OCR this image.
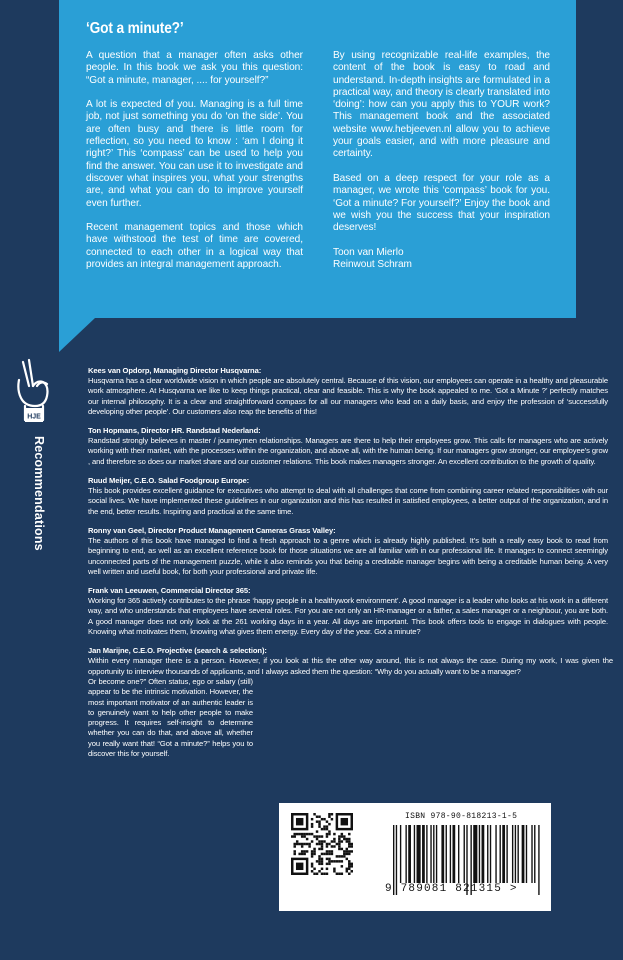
‘Got a minute?’

A question that a manager often asks other people. In this book we ask you this question: “Got a minute, manager, .... for yourself?”

A lot is expected of you. Managing is a full time job, not just something you do ‘on the side’. You are often busy and there is little room for reflection, so you need to know : ‘am I doing it right?’ This ‘compass’ can be used to help you find the answer. You can use it to investigate and discover what inspires you, what your strengths are, and what you can do to improve yourself even further.

Recent management topics and those which have withstood the test of time are covered, connected to each other in a logical way that provides an integral management approach.

By using recognizable real-life examples, the content of the book is easy to road and understand. In-depth insights are formulated in a practical way, and theory is clearly translated into ‘doing’: how can you apply this to YOUR work? This management book and the associated website www.hebjeeven.nl allow you to achieve your goals easier, and with more pleasure and certainty.

Based on a deep respect for your role as a manager, we wrote this ‘compass’ book for you. ‘Got a minute? For yourself?’ Enjoy the book and we wish you the success that your inspiration deserves!

Toon van Mierlo
Reinwout Schram

HJE
Recommendations
Kees van Opdorp, Managing Director Husqvarna:
Husqvarna has a clear worldwide vision in which people are absolutely central. Because of this vision, our employees can operate in a healthy and pleasurable work atmosphere. At Husqvarna we like to keep things practical, clear and feasible. This is why the book appealed to me. ‘Got a Minute ?’ perfectly matches our internal philosophy. It is a clear and straightforward compass for all our managers who lead on a daily basis, and enjoy the profession of ‘successfully developing other people’. Our customers also reap the benefits of this!
Ton Hopmans, Director HR. Randstad Nederland:
Randstad strongly believes in master / journeymen relationships. Managers are there to help their employees grow. This calls for managers who are actively working with their market, with the processes within the organization, and above all, with the human being. If our managers grow stronger, our employee’s grow , and therefore so does our market share and our customer relations. This book makes managers stronger. An excellent contribution to the growth of quality.
Ruud Meijer, C.E.O. Salad Foodgroup Europe:
This book provides excellent guidance for executives who attempt to deal with all challenges that come from combining career related responsibilities with our social lives. We have implemented these guidelines in our organization and this has resulted in satisfied employees, a better output of the organization, and in the end, better results. Inspiring and practical at the same time.
Ronny van Geel, Director Product Management Cameras Grass Valley:
The authors of this book have managed to find a fresh approach to a genre which is already highly published. It’s both a really easy book to read from beginning to end, as well as an excellent reference book for those situations we are all familiar with in our professional life. It manages to connect seemingly unconnected parts of the management puzzle, while it also reminds you that being a creditable manager begins with being a creditable human being. A very well written and useful book, for both your professional and private life.
Frank van Leeuwen, Commercial Director 365:
Working for 365 actively contributes to the phrase ‘happy people in a healthywork environment’. A good manager is a leader who looks at his work in a different way, and who understands that employees have several roles. For you are not only an HR-manager or a father, a sales manager or a neighbour, you are both. A good manager does not only look at the 261 working days in a year. All days are important. This book offers tools to engage in dialogues with people. Knowing what motivates them, knowing what gives them energy. Every day of the year. Got a minute?
Jan Marijne, C.E.O. Projective (search & selection):
Within every manager there is a person. However, if you look at this the other way around, this is not always the case. During my work, I was given the opportunity to interview thousands of applicants, and I always asked them the question: “Why do you actually want to be a manager?
Or become one?” Often status, ego or salary (still) appear to be the intrinsic motivation. However, the most important motivator of an authentic leader is to genuinely want to help other people to make progress. It requires self-insight to determine whether you can do that, and above all, whether you really want that! “Got a minute?” helps you to discover this for yourself.
ISBN 978-90-818213-1-5
9 789081 821315 >
